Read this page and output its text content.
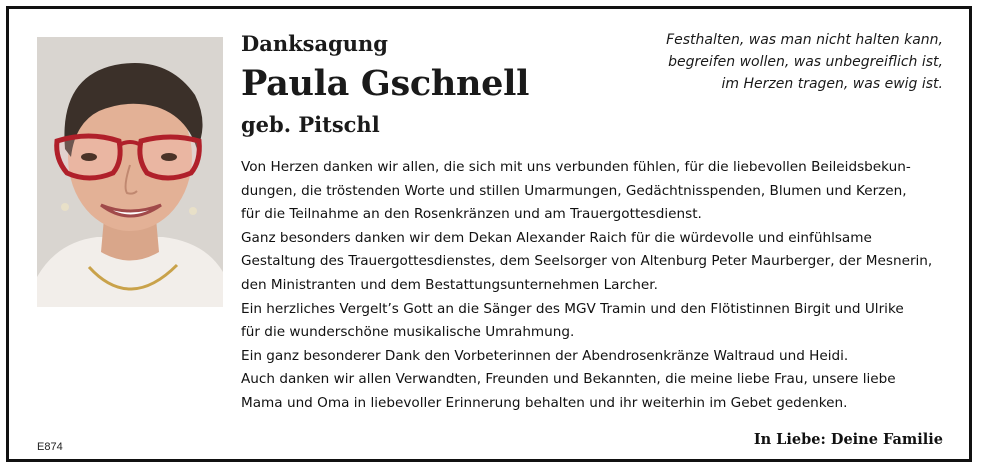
Danksagung
Paula Gschnell
geb. Pitschl
Festhalten, was man nicht halten kann,
begreifen wollen, was unbegreiflich ist,
im Herzen tragen, was ewig ist.
Von Herzen danken wir allen, die sich mit uns verbunden fühlen, für die liebevollen Beileidsbekun-
dungen, die tröstenden Worte und stillen Umarmungen, Gedächtnisspenden, Blumen und Kerzen,
für die Teilnahme an den Rosenkränzen und am Trauergottesdienst.
Ganz besonders danken wir dem Dekan Alexander Raich für die würdevolle und einfühlsame
Gestaltung des Trauergottesdienstes, dem Seelsorger von Altenburg Peter Maurberger, der Mesnerin,
den Ministranten und dem Bestattungsunternehmen Larcher.
Ein herzliches Vergelt’s Gott an die Sänger des MGV Tramin und den Flötistinnen Birgit und Ulrike
für die wunderschöne musikalische Umrahmung.
Ein ganz besonderer Dank den Vorbeterinnen der Abendrosenkränze Waltraud und Heidi.
Auch danken wir allen Verwandten, Freunden und Bekannten, die meine liebe Frau, unsere liebe
Mama und Oma in liebevoller Erinnerung behalten und ihr weiterhin im Gebet gedenken.
E874	In Liebe: Deine Familie
